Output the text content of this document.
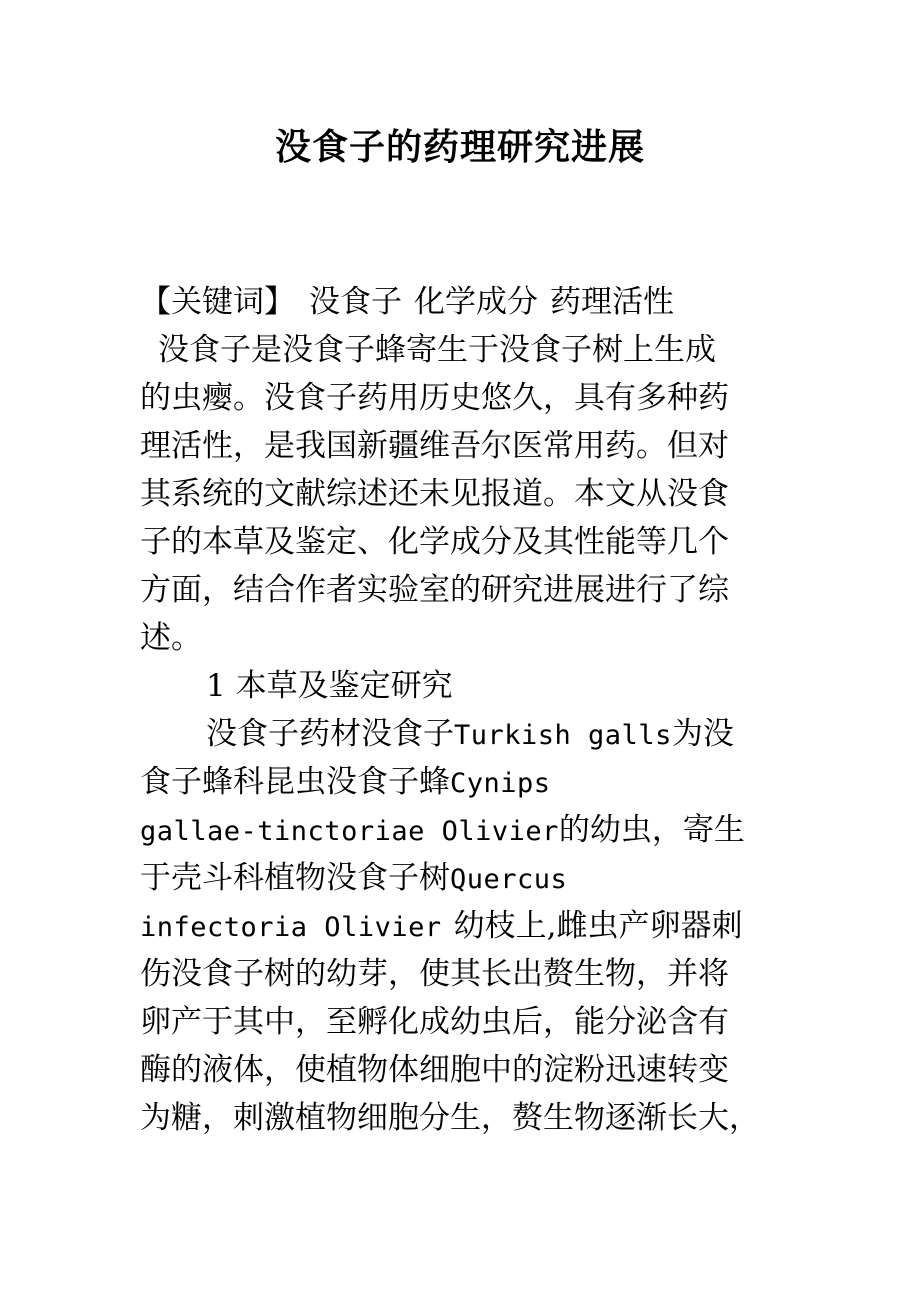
没食子的药理研究进展
【关键词】 没食子 化学成分 药理活性
没食子是没食子蜂寄生于没食子树上生成
的虫瘿。没食子药用历史悠久，具有多种药
理活性，是我国新疆维吾尔医常用药。但对
其系统的文献综述还未见报道。本文从没食
子的本草及鉴定、化学成分及其性能等几个
方面，结合作者实验室的研究进展进行了综
述。
1 本草及鉴定研究
没食子药材没食子Turkish galls为没
食子蜂科昆虫没食子蜂Cynips
gallae-tinctoriae Olivier的幼虫，寄生
于壳斗科植物没食子树Quercus
infectoria Olivier 幼枝上,雌虫产卵器刺
伤没食子树的幼芽，使其长出赘生物，并将
卵产于其中，至孵化成幼虫后，能分泌含有
酶的液体，使植物体细胞中的淀粉迅速转变
为糖，刺激植物细胞分生，赘生物逐渐长大，
